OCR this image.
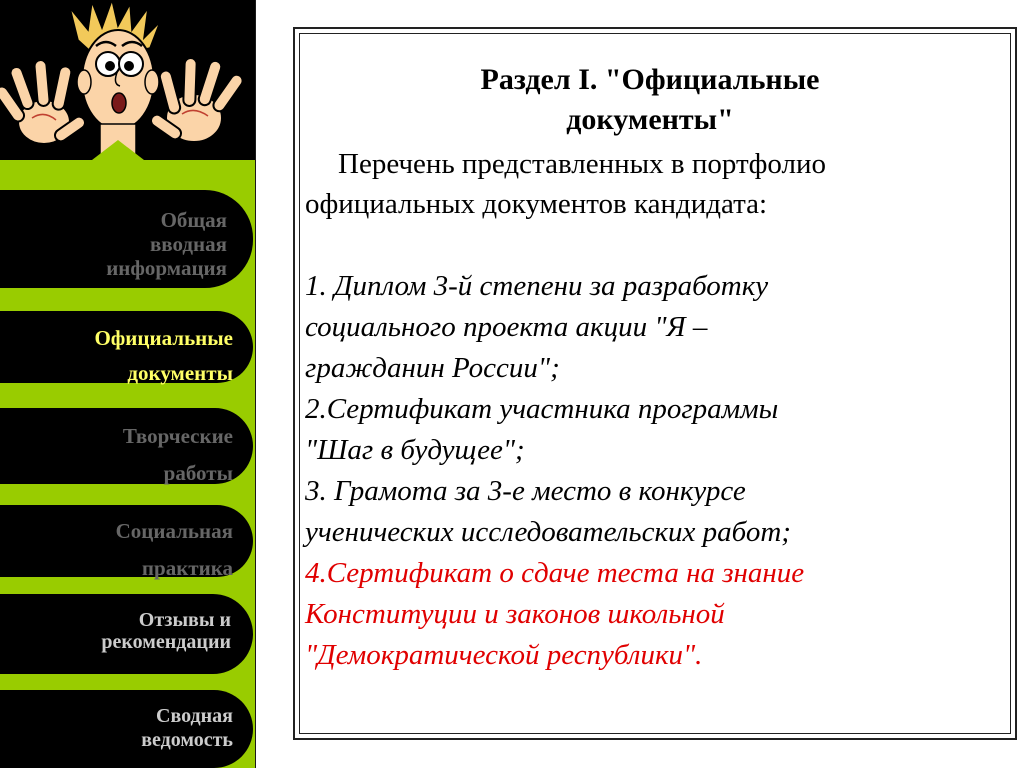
Общая
вводная
информация
Официальные
документы
Творческие
работы
Социальная
практика
Отзывы и
рекомендации
Сводная
ведомость
Раздел I. "Официальные
документы"
Перечень представленных в портфолио
официальных документов кандидата:
1. Диплом 3-й степени за разработку
социального проекта акции "Я –
гражданин России";
2.Сертификат участника программы
"Шаг в будущее";
3. Грамота за 3-е место в конкурсе
ученических исследовательских работ;
4.Сертификат о сдаче теста на знание
Конституции и законов школьной
"Демократической республики".
